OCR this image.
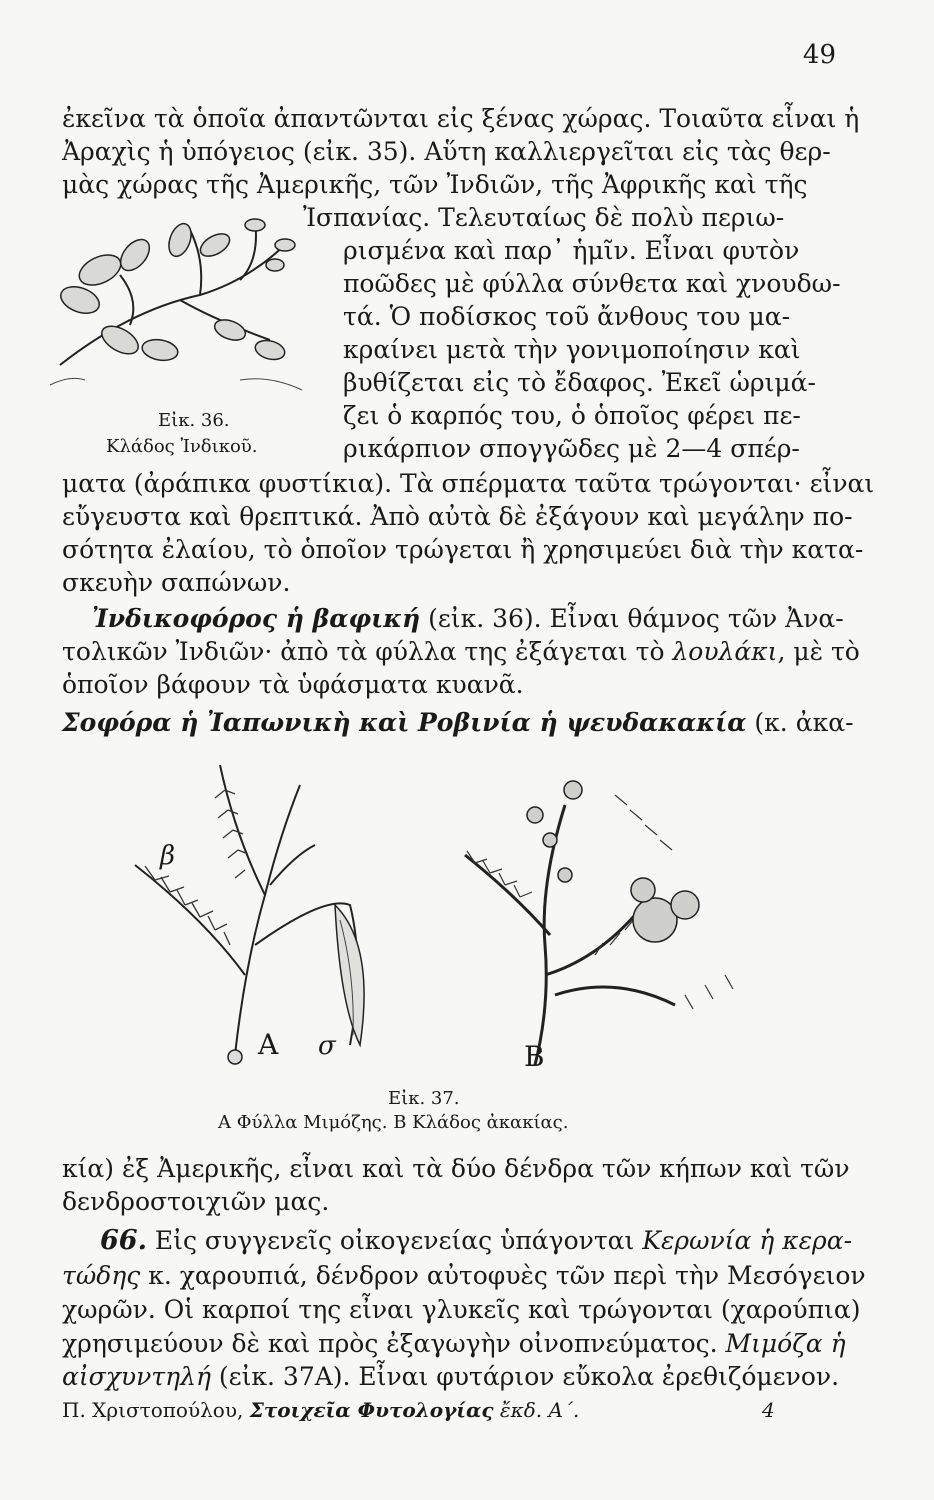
49
ἐκεῖνα τὰ ὁποῖα ἀπαντῶνται εἰς ξένας χώρας. Τοιαῦτα εἶναι ἡ
Ἀραχὶς ἡ ὑπόγειος (εἰκ. 35). Αὕτη καλλιεργεῖται εἰς τὰς θερ-
μὰς χώρας τῆς Ἀμερικῆς, τῶν Ἰνδιῶν, τῆς Ἀφρικῆς καὶ τῆς
Εἰκ. 36.
Κλάδος Ἰνδικοῦ.
Ἰσπανίας. Τελευταίως δὲ πολὺ περιω-
ρισμένα καὶ παρ᾽ ἡμῖν. Εἶναι φυτὸν
ποῶδες μὲ φύλλα σύνθετα καὶ χνουδω-
τά. Ὁ ποδίσκος τοῦ ἄνθους του μα-
κραίνει μετὰ τὴν γονιμοποίησιν καὶ
βυθίζεται εἰς τὸ ἔδαφος. Ἐκεῖ ὡριμά-
ζει ὁ καρπός του, ὁ ὁποῖος φέρει πε-
ρικάρπιον σπογγῶδες μὲ 2—4 σπέρ-
ματα (ἀράπικα φυστίκια). Τὰ σπέρματα ταῦτα τρώγονται· εἶναι
εὔγευστα καὶ θρεπτικά. Ἀπὸ αὐτὰ δὲ ἐξάγουν καὶ μεγάλην πο-
σότητα ἐλαίου, τὸ ὁποῖον τρώγεται ἢ χρησιμεύει διὰ τὴν κατα-
σκευὴν σαπώνων.
Ἰνδικοφόρος ἡ βαφική (εἰκ. 36). Εἶναι θάμνος τῶν Ἀνα-
τολικῶν Ἰνδιῶν· ἀπὸ τὰ φύλλα της ἐξάγεται τὸ λουλάκι, μὲ τὸ
ὁποῖον βάφουν τὰ ὑφάσματα κυανᾶ.
Σοφόρα ἡ Ἰαπωνικὴ καὶ Ροβινία ἡ ψευδακακία (κ. ἀκα-
A σ
β
B
Εἰκ. 37.
A Φύλλα Μιμόζης. B Κλάδος ἀκακίας.
κία) ἐξ Ἀμερικῆς, εἶναι καὶ τὰ δύο δένδρα τῶν κήπων καὶ τῶν
δενδροστοιχιῶν μας.
66. Εἰς συγγενεῖς οἰκογενείας ὑπάγονται Κερωνία ἡ κερα-
τώδης κ. χαρουπιά, δένδρον αὐτοφυὲς τῶν περὶ τὴν Μεσόγειον
χωρῶν. Οἱ καρποί της εἶναι γλυκεῖς καὶ τρώγονται (χαρούπια)
χρησιμεύουν δὲ καὶ πρὸς ἐξαγωγὴν οἰνοπνεύματος. Μιμόζα ἡ
αἰσχυντηλή (εἰκ. 37A). Εἶναι φυτάριον εὔκολα ἐρεθιζόμενον.
Π. Χριστοπούλου, Στοιχεῖα Φυτολογίας ἔκδ. Α΄.	4
